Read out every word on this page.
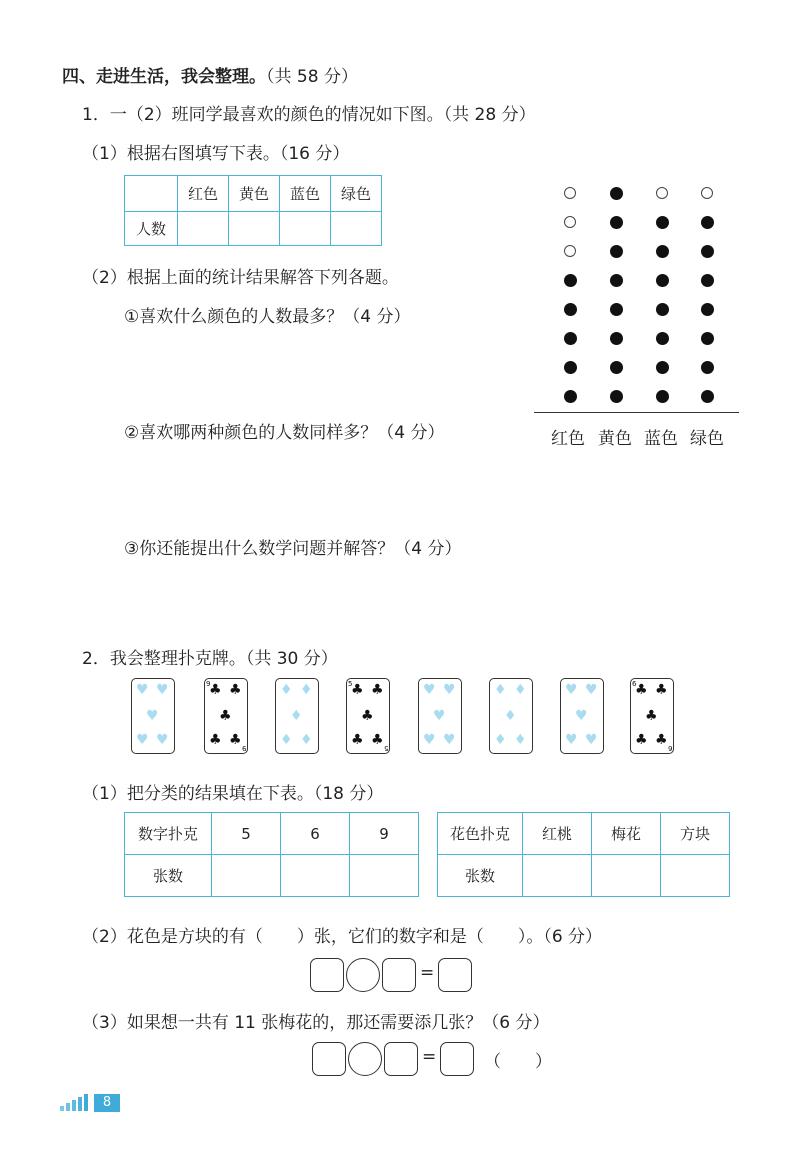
四、走进生活，我会整理。（共 58 分）
1．一（2）班同学最喜欢的颜色的情况如下图。（共 28 分）
（1）根据右图填写下表。（16 分）
	红色	黄色	蓝色	绿色
人数				
（2）根据上面的统计结果解答下列各题。
①喜欢什么颜色的人数最多？（4 分）
②喜欢哪两种颜色的人数同样多？（4 分）
③你还能提出什么数学问题并解答？（4 分）
红色 黄色 蓝色 绿色
2．我会整理扑克牌。（共 30 分）
♥ ♥
♥
♥ ♥
♣ ♣
♣
♣ ♣
9
9
♦ ♦
♦
♦ ♦
♣ ♣
♣
♣ ♣
5
5
♥ ♥
♥
♥ ♥
♦ ♦
♦
♦ ♦
♥ ♥
♥
♥ ♥
♣ ♣
♣
♣ ♣
6
6
（1）把分类的结果填在下表。（18 分）
数字扑克	5	6	9
张数			
花色扑克	红桃	梅花	方块
张数			
（2）花色是方块的有（　　）张，它们的数字和是（　　）。（6 分）
=
（3）如果想一共有 11 张梅花的，那还需要添几张？（6 分）
=	（　　）
8
